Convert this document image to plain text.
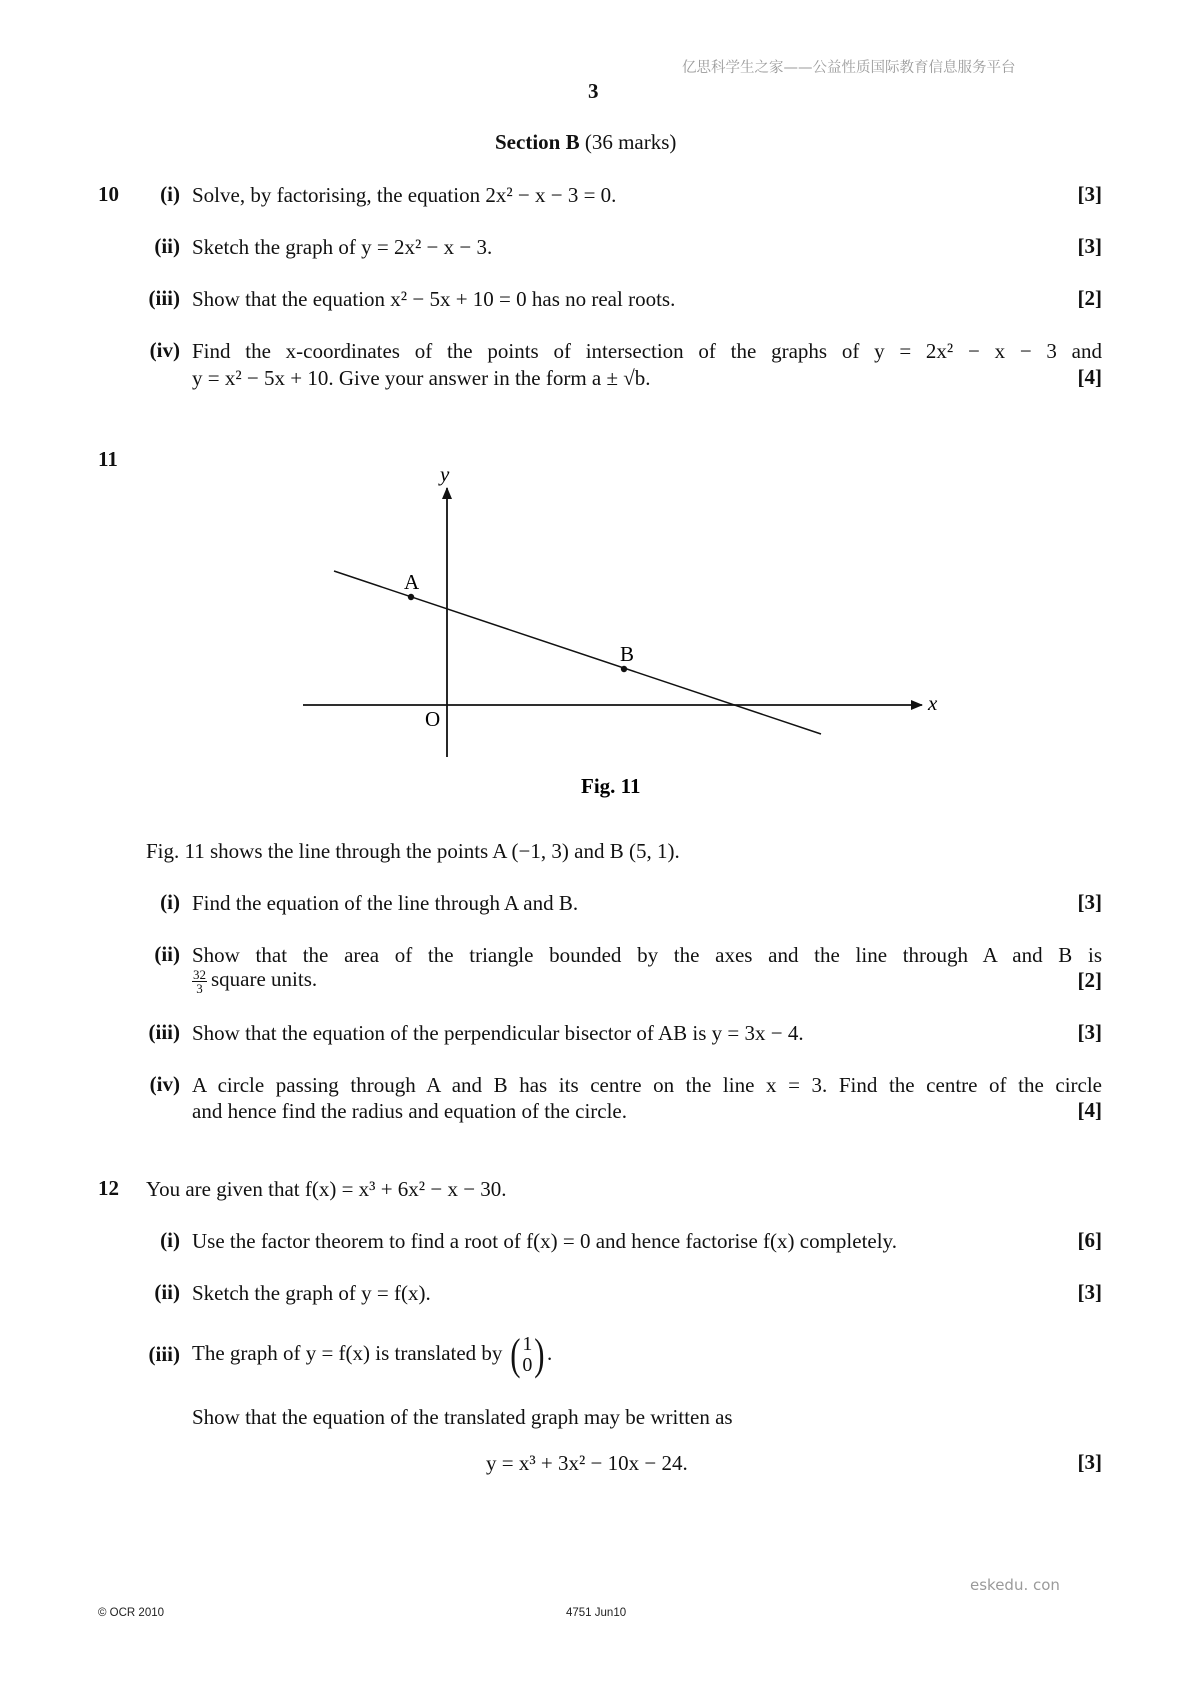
亿思科学生之家——公益性质国际教育信息服务平台
3
Section B (36 marks)
10	(i) Solve, by factorising, the equation 2x² − x − 3 = 0.	[3]
(ii) Sketch the graph of y = 2x² − x − 3.	[3]
(iii) Show that the equation x² − 5x + 10 = 0 has no real roots.	[2]
(iv) Find the x-coordinates of the points of intersection of the graphs of y = 2x² − x − 3 and
y = x² − 5x + 10. Give your answer in the form a ± √b.	[4]
11
y
x
O
A
B
Fig. 11
Fig. 11 shows the line through the points A (−1, 3) and B (5, 1).
(i) Find the equation of the line through A and B.	[3]
(ii) Show that the area of the triangle bounded by the axes and the line through A and B is
$\frac{32}{3}$ square units.	[2]
(iii) Show that the equation of the perpendicular bisector of AB is y = 3x − 4.	[3]
(iv) A circle passing through A and B has its centre on the line x = 3. Find the centre of the circle
and hence find the radius and equation of the circle.	[4]
12 You are given that f(x) = x³ + 6x² − x − 30.
(i) Use the factor theorem to find a root of f(x) = 0 and hence factorise f(x) completely.	[6]
(ii) Sketch the graph of y = f(x).	[3]
(iii) The graph of y = f(x) is translated by ( 1
0 ) .
Show that the equation of the translated graph may be written as
y = x³ + 3x² − 10x − 24.	[3]
eskedu. con
© OCR 2010	4751 Jun10
